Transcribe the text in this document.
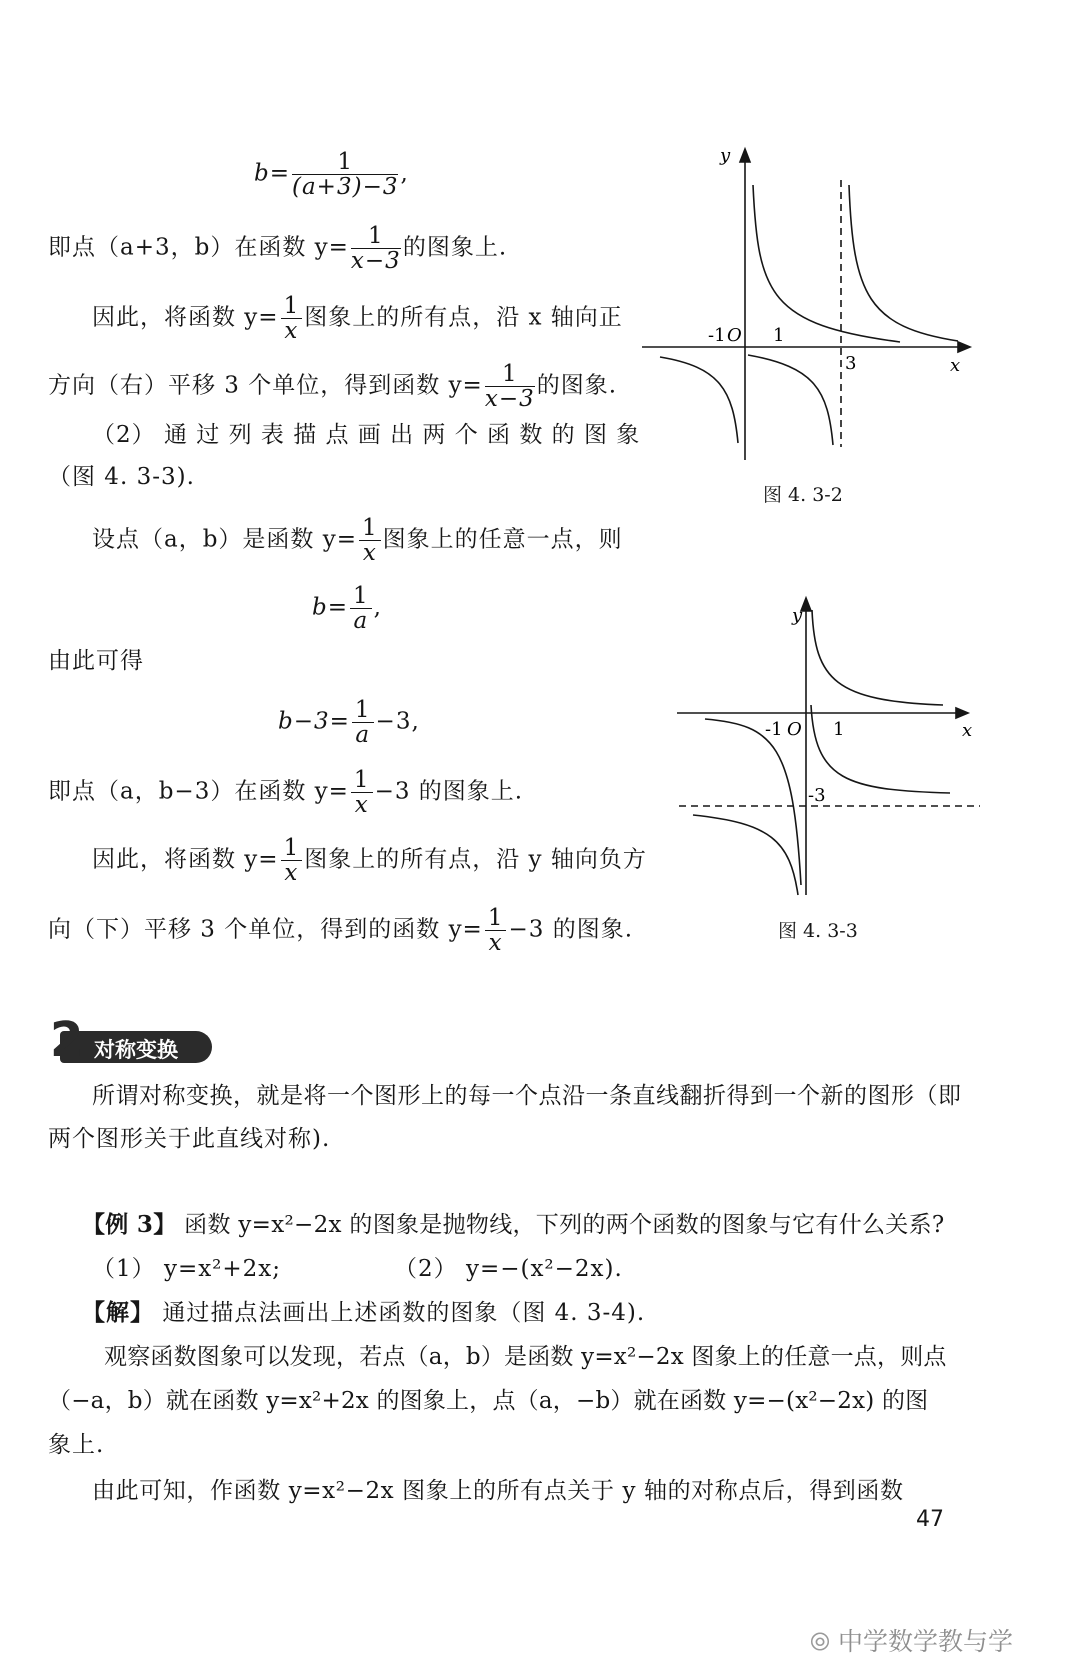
$b= \frac{1}{(a+3)-3}$ ,
即点（a+3，b）在函数 $y= \frac{1}{x-3}$ 的图象上.
因此，将函数 $y= \frac{1}{x}$ 图象上的所有点，沿 x 轴向正
方向（右）平移 3 个单位，得到函数 $y= \frac{1}{x-3}$ 的图象.
（2） 通 过 列 表 描 点 画 出 两 个 函 数 的 图 象
（图 4. 3-3).
设点（a，b）是函数 $y= \frac{1}{x}$ 图象上的任意一点，则
$b= \frac{1}{a}$ ,
由此可得
$b-3= \frac{1}{a} -3$,
即点（a，b−3）在函数 $y= \frac{1}{x} -3$ 的图象上.
因此，将函数 $y= \frac{1}{x}$ 图象上的所有点，沿 y 轴向负方
向（下）平移 3 个单位，得到的函数 $y= \frac{1}{x} -3$ 的图象.
y
x
-1 O 1
3
图 4. 3-2
y
x
-1 O 1
-3
图 4. 3-3
2 对称变换
所谓对称变换，就是将一个图形上的每一个点沿一条直线翻折得到一个新的图形（即
两个图形关于此直线对称).
【例 3】 函数 y=x²−2x 的图象是抛物线，下列的两个函数的图象与它有什么关系?
（1） y=x²+2x;	（2） y=−(x²−2x).
【解】 通过描点法画出上述函数的图象（图 4. 3-4).
观察函数图象可以发现，若点（a，b）是函数 y=x²−2x 图象上的任意一点，则点
（−a，b）就在函数 y=x²+2x 的图象上，点（a，−b）就在函数 y=−(x²−2x) 的图
象上.
由此可知，作函数 y=x²−2x 图象上的所有点关于 y 轴的对称点后，得到函数
47
⦾ 中学数学教与学
